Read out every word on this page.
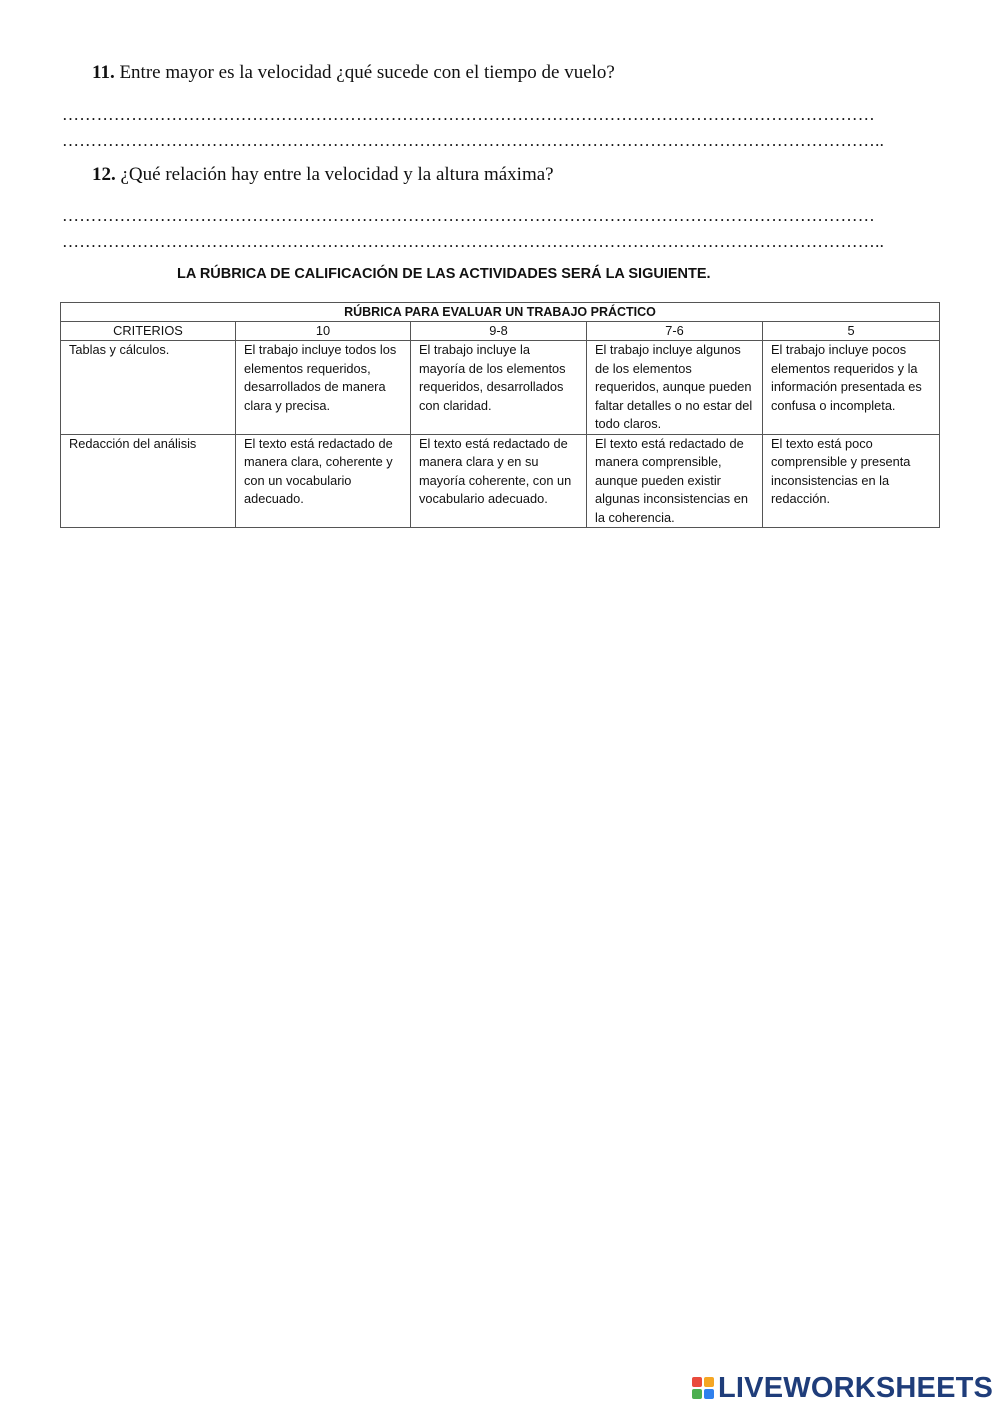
11. Entre mayor es la velocidad ¿qué sucede con el tiempo de vuelo?
……………………………………………………………………………………………………………………………
……………………………………………………………………………………………………………………………..
12. ¿Qué relación hay entre la velocidad y la altura máxima?
……………………………………………………………………………………………………………………………
……………………………………………………………………………………………………………………………..
LA RÚBRICA DE CALIFICACIÓN DE LAS ACTIVIDADES SERÁ LA SIGUIENTE.
RÚBRICA PARA EVALUAR UN TRABAJO PRÁCTICO				
CRITERIOS	10	9-8	7-6	5
Tablas y cálculos.	El trabajo incluye todos los elementos requeridos, desarrollados de manera clara y precisa.	El trabajo incluye la mayoría de los elementos requeridos, desarrollados con claridad.	El trabajo incluye algunos de los elementos requeridos, aunque pueden faltar detalles o no estar del todo claros.	El trabajo incluye pocos elementos requeridos y la información presentada es confusa o incompleta.
Redacción del análisis	El texto está redactado de manera clara, coherente y con un vocabulario adecuado.	El texto está redactado de manera clara y en su mayoría coherente, con un vocabulario adecuado.	El texto está redactado de manera comprensible, aunque pueden existir algunas inconsistencias en la coherencia.	El texto está poco comprensible y presenta inconsistencias en la redacción.
LIVEWORKSHEETS
